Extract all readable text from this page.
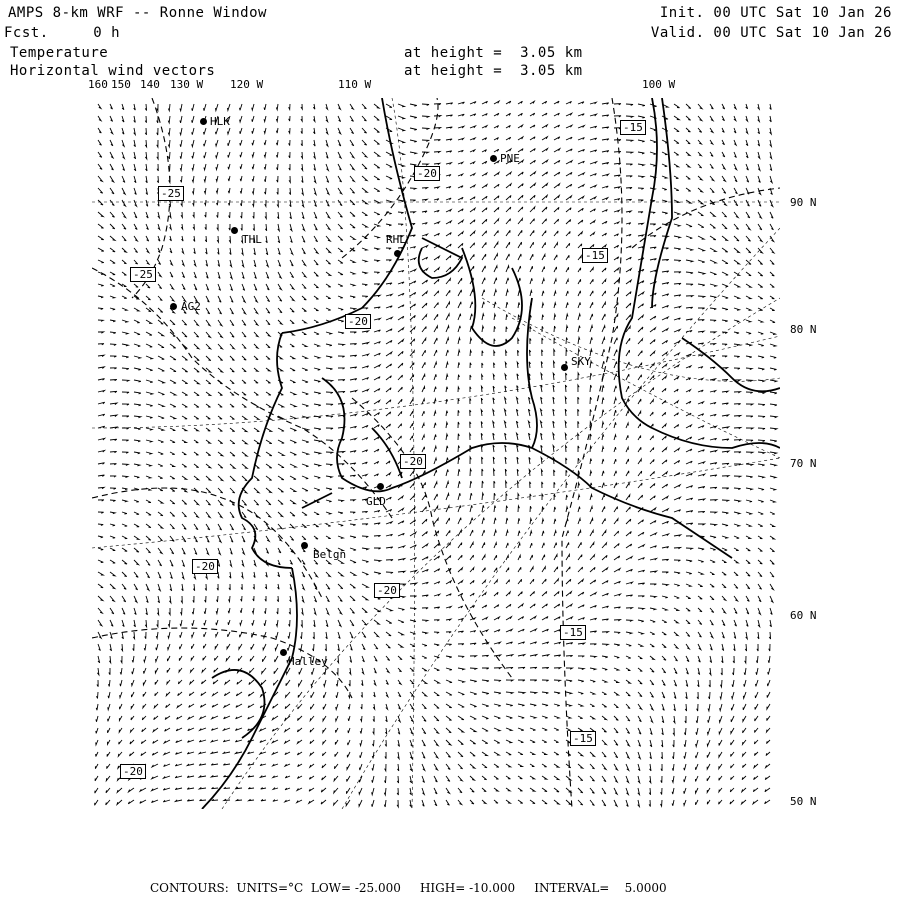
AMPS 8-km WRF -- Ronne Window
Fcst.     0 h
Init. 00 UTC Sat 10 Jan 26
Valid. 00 UTC Sat 10 Jan 26
Temperature
Horizontal wind vectors
at height =  3.05 km
at height =  3.05 km
160 150 140 130 W 120 W	110 W	100 W
90 N
80 N
70 N
60 N
50 N
-15
-20
-25
-25
-15
-20
-20
-20
-20
-15
-20
-15
HLK
PNE
THL	RHL
AG2
SKY
GLD
Belgn
Halley
CONTOURS:  UNITS=°C  LOW= -25.000     HIGH= -10.000     INTERVAL=    5.0000
